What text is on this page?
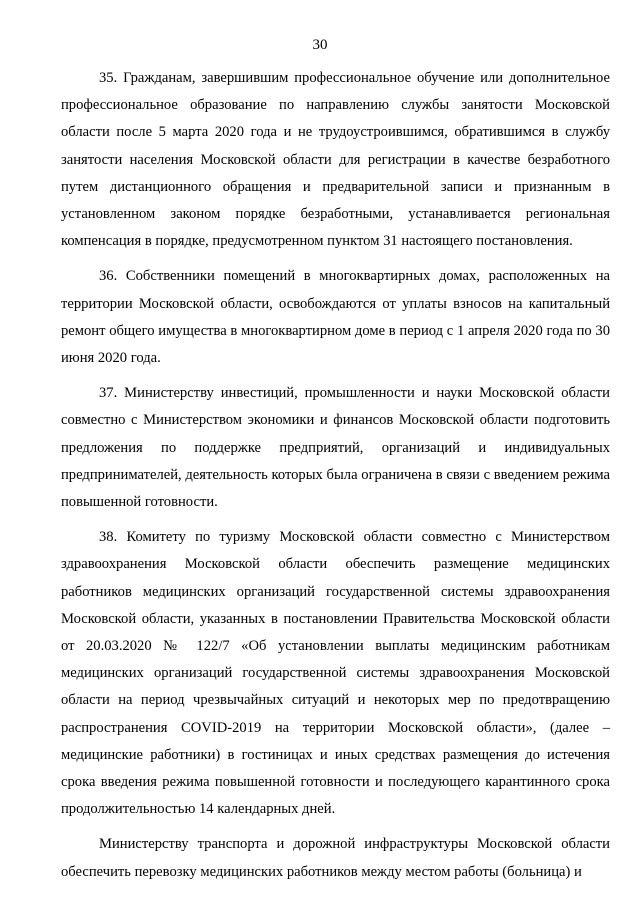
30

35. Гражданам, завершившим профессиональное обучение или дополнительное профессиональное образование по направлению службы занятости Московской области после 5 марта 2020 года и не трудоустроившимся, обратившимся в службу занятости населения Московской области для регистрации в качестве безработного путем дистанционного обращения и предварительной записи и признанным в установленном законом порядке безработными, устанавливается региональная компенсация в порядке, предусмотренном пунктом 31 настоящего постановления.

36. Собственники помещений в многоквартирных домах, расположенных на территории Московской области, освобождаются от уплаты взносов на капитальный ремонт общего имущества в многоквартирном доме в период с 1 апреля 2020 года по 30 июня 2020 года.

37. Министерству инвестиций, промышленности и науки Московской области совместно с Министерством экономики и финансов Московской области подготовить предложения по поддержке предприятий, организаций и индивидуальных предпринимателей, деятельность которых была ограничена в связи с введением режима повышенной готовности.

38. Комитету по туризму Московской области совместно с Министерством здравоохранения Московской области обеспечить размещение медицинских работников медицинских организаций государственной системы здравоохранения Московской области, указанных в постановлении Правительства Московской области от 20.03.2020 № 122/7 «Об установлении выплаты медицинским работникам медицинских организаций государственной системы здравоохранения Московской области на период чрезвычайных ситуаций и некоторых мер по предотвращению распространения COVID-2019 на территории Московской области», (далее – медицинские работники) в гостиницах и иных средствах размещения до истечения срока введения режима повышенной готовности и последующего карантинного срока продолжительностью 14 календарных дней.

Министерству транспорта и дорожной инфраструктуры Московской области обеспечить перевозку медицинских работников между местом работы (больница) и
